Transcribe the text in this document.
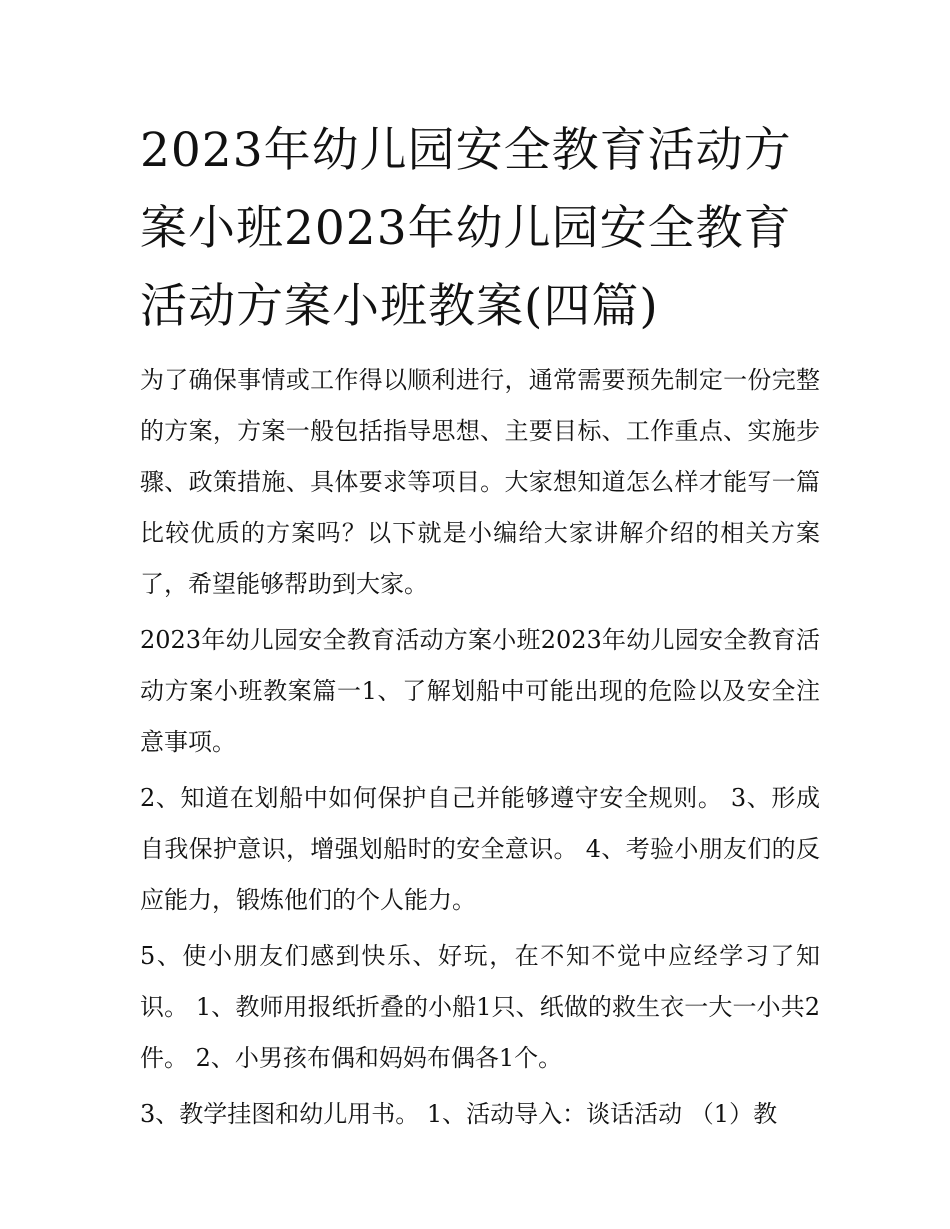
2023年幼儿园安全教育活动方案小班2023年幼儿园安全教育活动方案小班教案(四篇)

为了确保事情或工作得以顺利进行，通常需要预先制定一份完整的方案，方案一般包括指导思想、主要目标、工作重点、实施步骤、政策措施、具体要求等项目。大家想知道怎么样才能写一篇比较优质的方案吗？以下就是小编给大家讲解介绍的相关方案了，希望能够帮助到大家。

2023年幼儿园安全教育活动方案小班2023年幼儿园安全教育活动方案小班教案篇一1、了解划船中可能出现的危险以及安全注意事项。

2、知道在划船中如何保护自己并能够遵守安全规则。 3、形成自我保护意识，增强划船时的安全意识。 4、考验小朋友们的反应能力，锻炼他们的个人能力。

5、使小朋友们感到快乐、好玩，在不知不觉中应经学习了知识。 1、教师用报纸折叠的小船1只、纸做的救生衣一大一小共2件。 2、小男孩布偶和妈妈布偶各1个。

3、教学挂图和幼儿用书。 1、活动导入：谈话活动 （1）教
